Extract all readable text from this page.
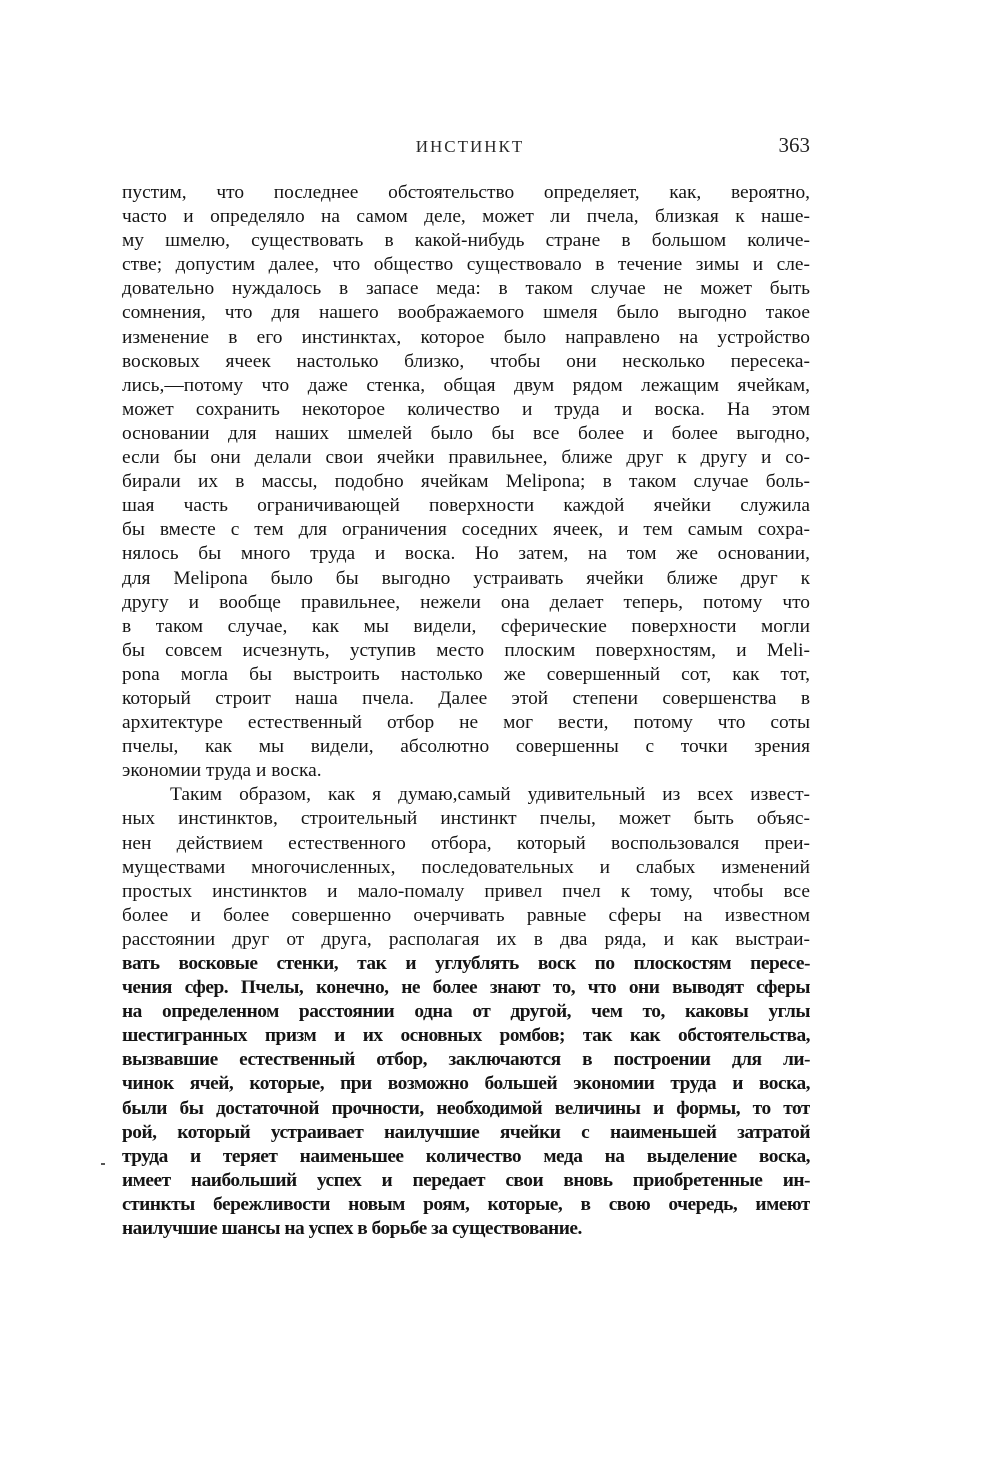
ИНСТИНКТ	363
пустим, что последнее обстоятельство определяет, как, вероятно,
часто и определяло на самом деле, может ли пчела, близкая к наше-
му шмелю, существовать в какой-нибудь стране в большом количе-
стве; допустим далее, что общество существовало в течение зимы и сле-
довательно нуждалось в запасе меда: в таком случае не может быть
сомнения, что для нашего воображаемого шмеля было выгодно такое
изменение в его инстинктах, которое было направлено на устройство
восковых ячеек настолько близко, чтобы они несколько пересека-
лись,—потому что даже стенка, общая двум рядом лежащим ячейкам,
может сохранить некоторое количество и труда и воска. На этом
основании для наших шмелей было бы все более и более выгодно,
если бы они делали свои ячейки правильнее, ближе друг к другу и со-
бирали их в массы, подобно ячейкам Melipona; в таком случае боль-
шая часть ограничивающей поверхности каждой ячейки служила
бы вместе с тем для ограничения соседних ячеек, и тем самым сохра-
нялось бы много труда и воска. Но затем, на том же основании,
для Melipona было бы выгодно устраивать ячейки ближе друг к
другу и вообще правильнее, нежели она делает теперь, потому что
в таком случае, как мы видели, сферические поверхности могли
бы совсем исчезнуть, уступив место плоским поверхностям, и Meli-
pona могла бы выстроить настолько же совершенный сот, как тот,
который строит наша пчела. Далее этой степени совершенства в
архитектуре естественный отбор не мог вести, потому что соты
пчелы, как мы видели, абсолютно совершенны с точки зрения
экономии труда и воска.
Таким образом, как я думаю,самый удивительный из всех извест-
ных инстинктов, строительный инстинкт пчелы, может быть объяс-
нен действием естественного отбора, который воспользовался преи-
муществами многочисленных, последовательных и слабых изменений
простых инстинктов и мало-помалу привел пчел к тому, чтобы все
более и более совершенно очерчивать равные сферы на известном
расстоянии друг от друга, располагая их в два ряда, и как выстраи-
вать восковые стенки, так и углублять воск по плоскостям пересе-
чения сфер. Пчелы, конечно, не более знают то, что они выводят сферы
на определенном расстоянии одна от другой, чем то, каковы углы
шестигранных призм и их основных ромбов; так как обстоятельства,
вызвавшие естественный отбор, заключаются в построении для ли-
чинок ячей, которые, при возможно большей экономии труда и воска,
были бы достаточной прочности, необходимой величины и формы, то тот
рой, который устраивает наилучшие ячейки с наименьшей затратой
труда и теряет наименьшее количество меда на выделение воска,
имеет наибольший успех и передает свои вновь приобретенные ин-
стинкты бережливости новым роям, которые, в свою очередь, имеют
наилучшие шансы на успех в борьбе за существование.
